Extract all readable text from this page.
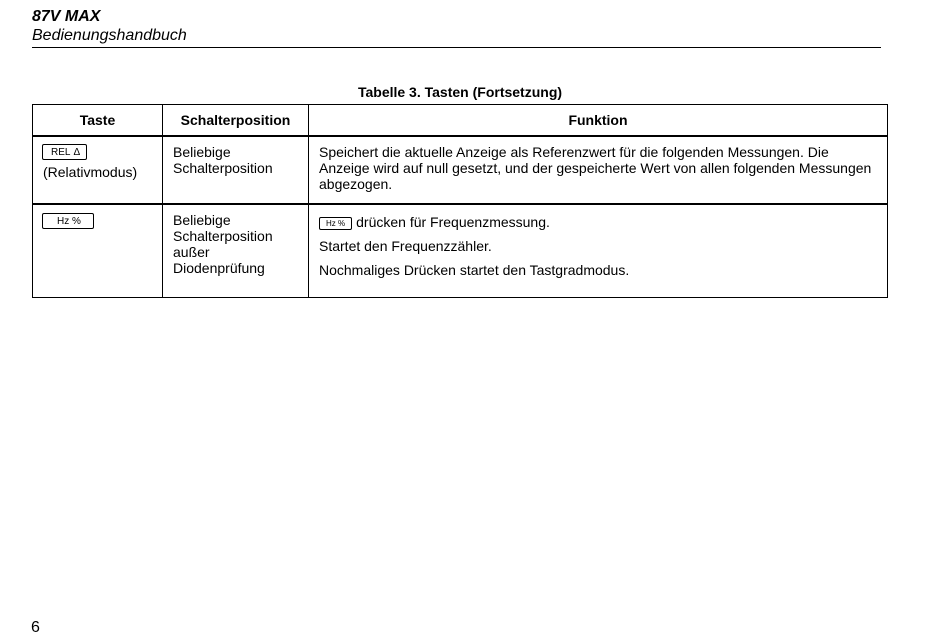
87V MAX
Bedienungshandbuch
Tabelle 3. Tasten (Fortsetzung)
Taste	Schalterposition	Funktion

REL Δ
(Relativmodus)	Beliebige Schalterposition	Speichert die aktuelle Anzeige als Referenzwert für die folgenden Messungen. Die Anzeige wird auf null gesetzt, und der gespeicherte Wert von allen folgenden Messungen abgezogen.

Hz %	Beliebige Schalterposition außer Diodenprüfung	Hz % drücken für Frequenzmessung.
Startet den Frequenzzähler.
Nochmaliges Drücken startet den Tastgradmodus.
6
